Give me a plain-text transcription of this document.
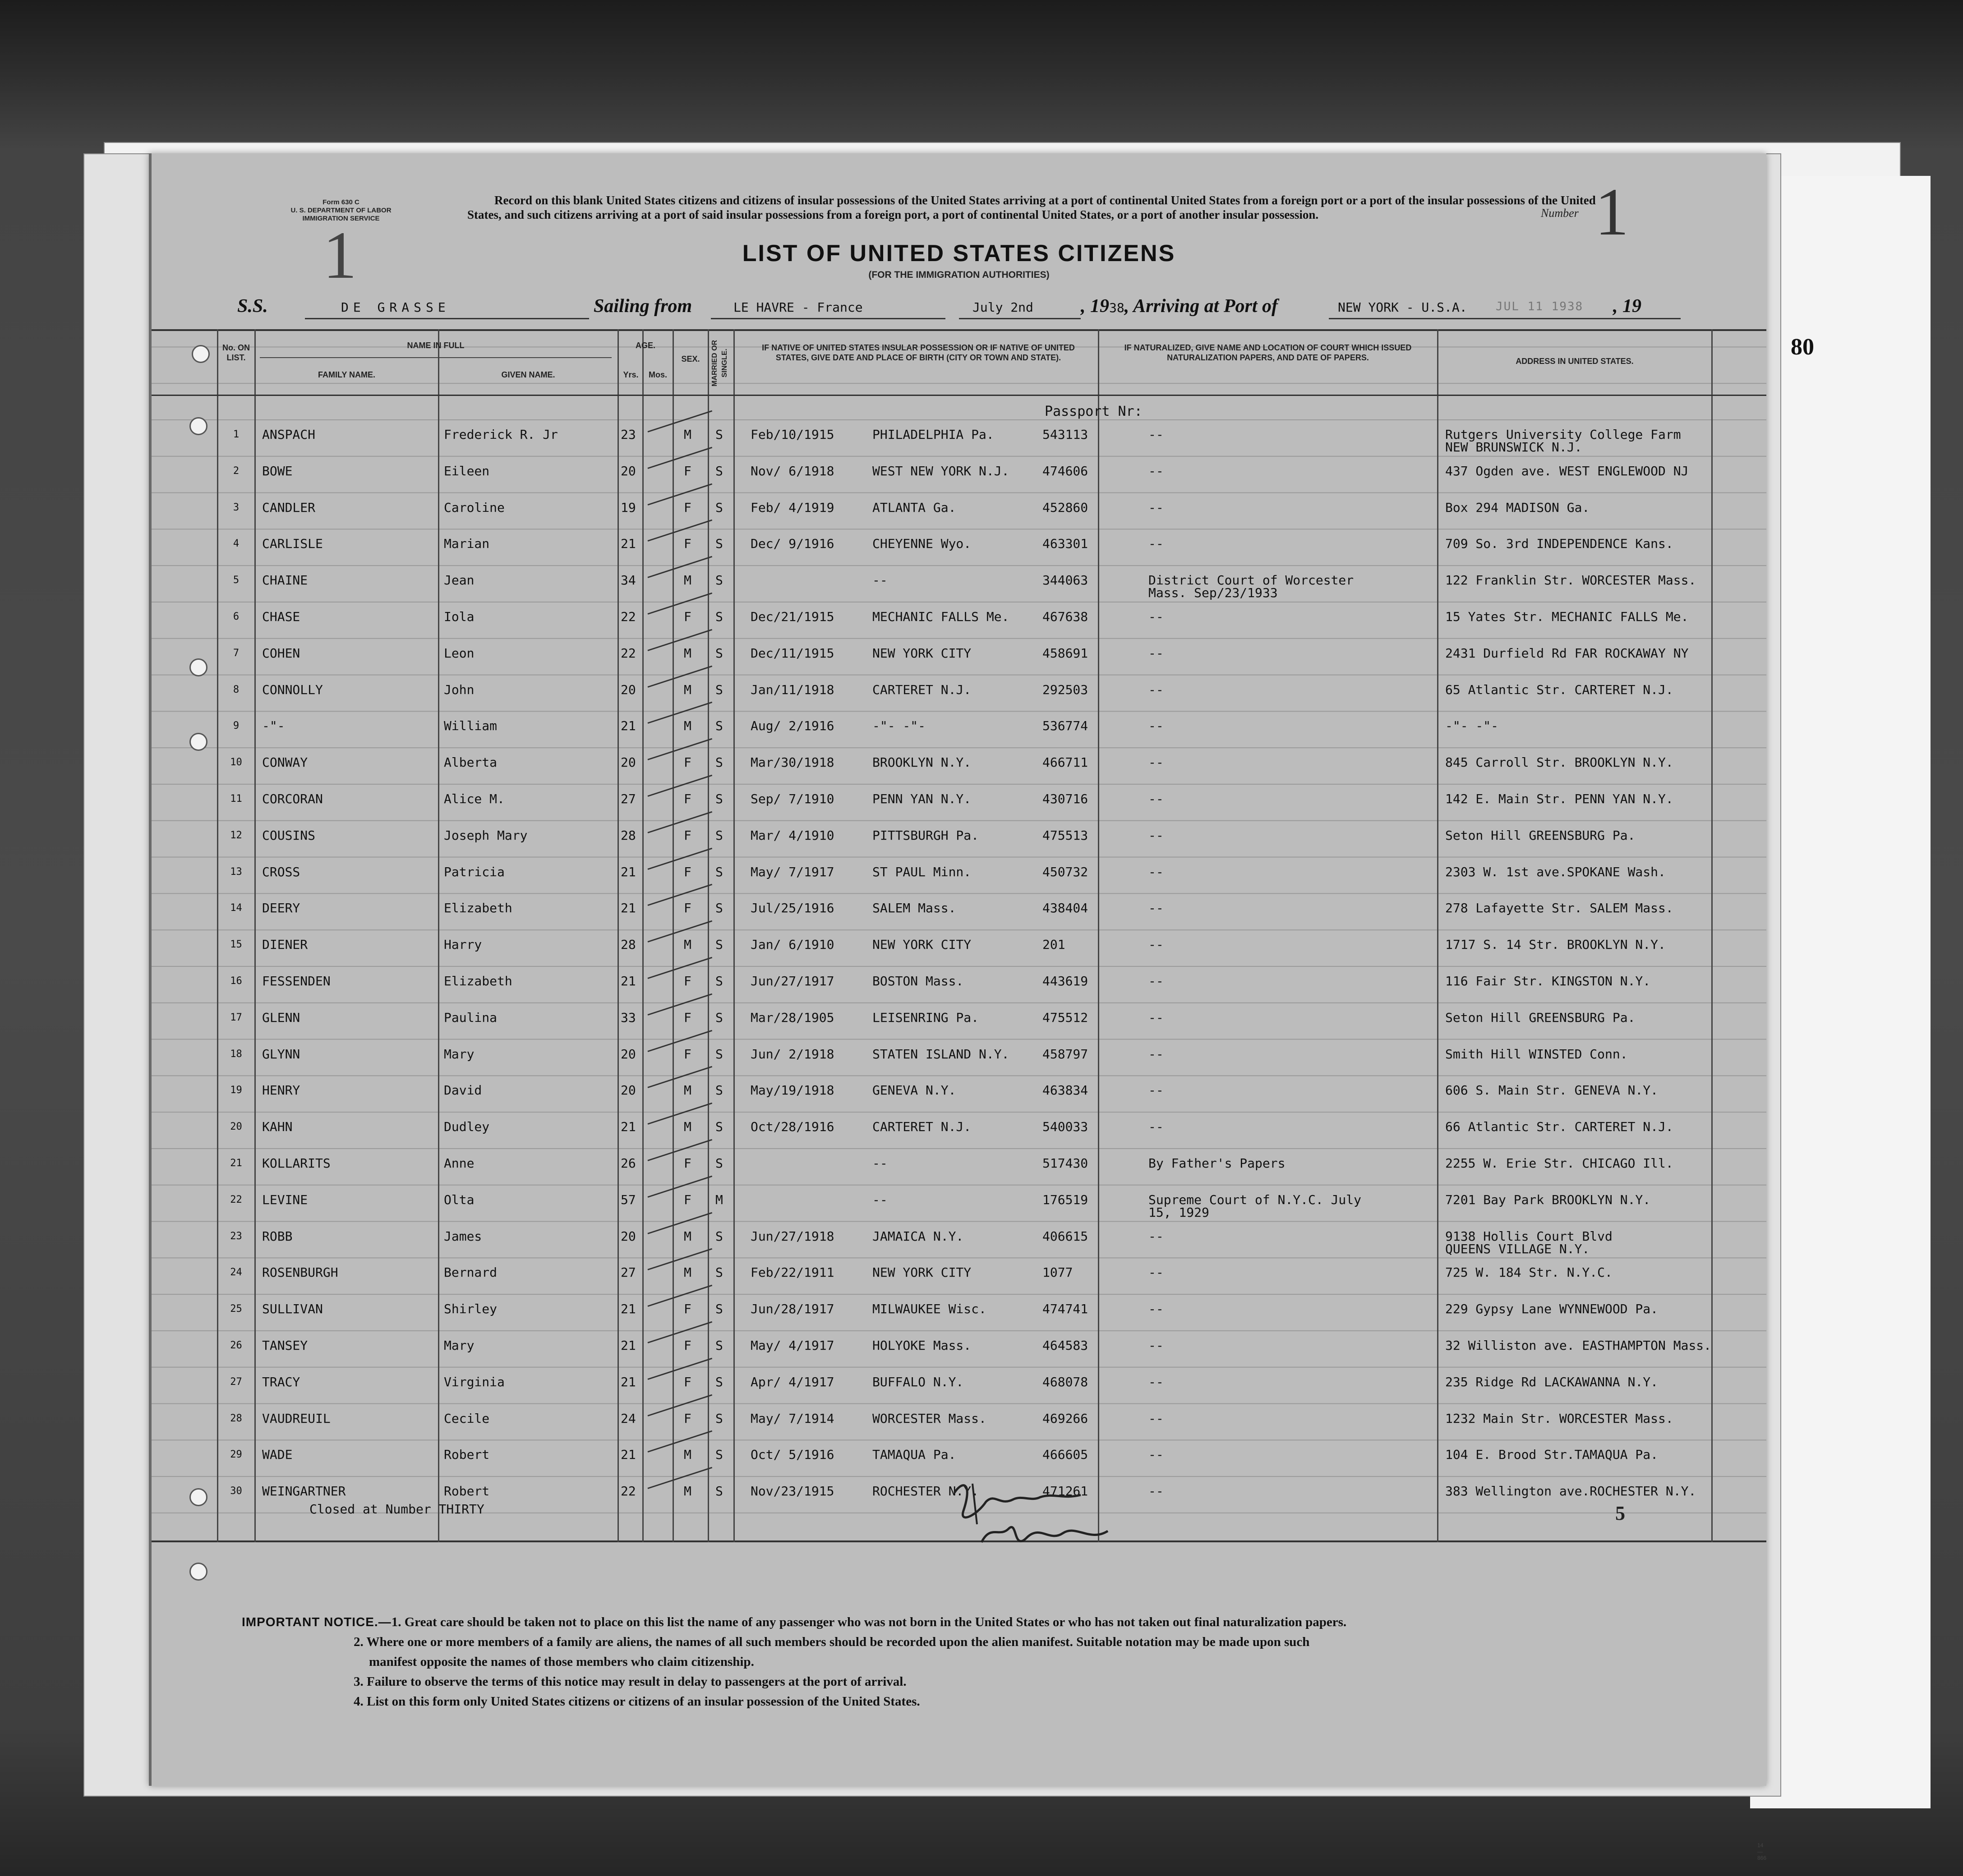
80
Form 630 C
U. S. DEPARTMENT OF LABOR
IMMIGRATION SERVICE
1
Record on this blank United States citizens and citizens of insular possessions of the United States arriving at a port of continental United States from a foreign port or a port of the insular possessions of the United States, and such citizens arriving at a port of said insular possessions from a foreign port, a port of continental United States, or a port of another insular possession.	Number 1
LIST OF UNITED STATES CITIZENS
(FOR THE IMMIGRATION AUTHORITIES)
S.S.	DE GRASSE	Sailing from	LE HAVRE - France	July 2nd	, 1938, Arriving at Port of	NEW YORK - U.S.A. JUL 11 1938 , 19
No. ON LIST.
NAME IN FULL
FAMILY NAME.	GIVEN NAME.
AGE.
Yrs.	Mos.
SEX.	MARRIED OR SINGLE.
IF NATIVE OF UNITED STATES INSULAR POSSESSION OR IF NATIVE OF UNITED STATES, GIVE DATE AND PLACE OF BIRTH (CITY OR TOWN AND STATE).
IF NATURALIZED, GIVE NAME AND LOCATION OF COURT WHICH ISSUED NATURALIZATION PAPERS, AND DATE OF PAPERS.	ADDRESS IN UNITED STATES.
Passport Nr:
1	ANSPACH	Frederick R. Jr	23	M S Feb/10/1915	PHILADELPHIA Pa.	543113	--	Rutgers University College Farm
NEW BRUNSWICK N.J.
2	BOWE	Eileen	20	F S Nov/ 6/1918	WEST NEW YORK N.J.	474606	--	437 Ogden ave. WEST ENGLEWOOD NJ
3	CANDLER	Caroline	19	F S Feb/ 4/1919	ATLANTA Ga.	452860	--	Box 294 MADISON Ga.
4	CARLISLE	Marian	21	F S Dec/ 9/1916	CHEYENNE Wyo.	463301	--	709 So. 3rd INDEPENDENCE Kans.
5	CHAINE	Jean	34	M S	--	344063	District Court of Worcester	122 Franklin Str. WORCESTER Mass.
Mass. Sep/23/1933
6	CHASE	Iola	22	F S Dec/21/1915	MECHANIC FALLS Me.	467638	--	15 Yates Str. MECHANIC FALLS Me.
7	COHEN	Leon	22	M S Dec/11/1915	NEW YORK CITY	458691	--	2431 Durfield Rd FAR ROCKAWAY NY
8	CONNOLLY	John	20	M S Jan/11/1918	CARTERET N.J.	292503	--	65 Atlantic Str. CARTERET N.J.
9	-"-	William	21	M S Aug/ 2/1916	-"- -"-	536774	--	-"- -"-
10	CONWAY	Alberta	20	F S Mar/30/1918	BROOKLYN N.Y.	466711	--	845 Carroll Str. BROOKLYN N.Y.
11	CORCORAN	Alice M.	27	F S Sep/ 7/1910	PENN YAN N.Y.	430716	--	142 E. Main Str. PENN YAN N.Y.
12	COUSINS	Joseph Mary	28	F S Mar/ 4/1910	PITTSBURGH Pa.	475513	--	Seton Hill GREENSBURG Pa.
13	CROSS	Patricia	21	F S May/ 7/1917	ST PAUL Minn.	450732	--	2303 W. 1st ave.SPOKANE Wash.
14	DEERY	Elizabeth	21	F S Jul/25/1916	SALEM Mass.	438404	--	278 Lafayette Str. SALEM Mass.
15	DIENER	Harry	28	M S Jan/ 6/1910	NEW YORK CITY	201	--	1717 S. 14 Str. BROOKLYN N.Y.
16	FESSENDEN	Elizabeth	21	F S Jun/27/1917	BOSTON Mass.	443619	--	116 Fair Str. KINGSTON N.Y.
17	GLENN	Paulina	33	F S Mar/28/1905	LEISENRING Pa.	475512	--	Seton Hill GREENSBURG Pa.
18	GLYNN	Mary	20	F S Jun/ 2/1918	STATEN ISLAND N.Y.	458797	--	Smith Hill WINSTED Conn.
19	HENRY	David	20	M S May/19/1918	GENEVA N.Y.	463834	--	606 S. Main Str. GENEVA N.Y.
20	KAHN	Dudley	21	M S Oct/28/1916	CARTERET N.J.	540033	--	66 Atlantic Str. CARTERET N.J.
21	KOLLARITS	Anne	26	F S	--	517430	By Father's Papers	2255 W. Erie Str. CHICAGO Ill.
22	LEVINE	Olta	57	F M	--	176519	Supreme Court of N.Y.C. July	7201 Bay Park BROOKLYN N.Y.
15, 1929
23	ROBB	James	20	M S Jun/27/1918	JAMAICA N.Y.	406615	--	9138 Hollis Court Blvd
QUEENS VILLAGE N.Y.
24	ROSENBURGH	Bernard	27	M S Feb/22/1911	NEW YORK CITY	1077	--	725 W. 184 Str. N.Y.C.
25	SULLIVAN	Shirley	21	F S Jun/28/1917	MILWAUKEE Wisc.	474741	--	229 Gypsy Lane WYNNEWOOD Pa.
26	TANSEY	Mary	21	F S May/ 4/1917	HOLYOKE Mass.	464583	--	32 Williston ave. EASTHAMPTON Mass.
27	TRACY	Virginia	21	F S Apr/ 4/1917	BUFFALO N.Y.	468078	--	235 Ridge Rd LACKAWANNA N.Y.
28	VAUDREUIL	Cecile	24	F S May/ 7/1914	WORCESTER Mass.	469266	--	1232 Main Str. WORCESTER Mass.
29	WADE	Robert	21	M S Oct/ 5/1916	TAMAQUA Pa.	466605	--	104 E. Brood Str.TAMAQUA Pa.
30	WEINGARTNER	Robert	22	M S Nov/23/1915	ROCHESTER N.Y.	471261	--	383 Wellington ave.ROCHESTER N.Y.
Closed at Number THIRTY	5
IMPORTANT NOTICE.—1. Great care should be taken not to place on this list the name of any passenger who was not born in the United States or who has not taken out final naturalization papers.
2. Where one or more members of a family are aliens, the names of all such members should be recorded upon the alien manifest. Suitable notation may be made upon such
manifest opposite the names of those members who claim citizenship.
3. Failure to observe the terms of this notice may result in delay to passengers at the port of arrival.
4. List on this form only United States citizens or citizens of an insular possession of the United States.
14—866
